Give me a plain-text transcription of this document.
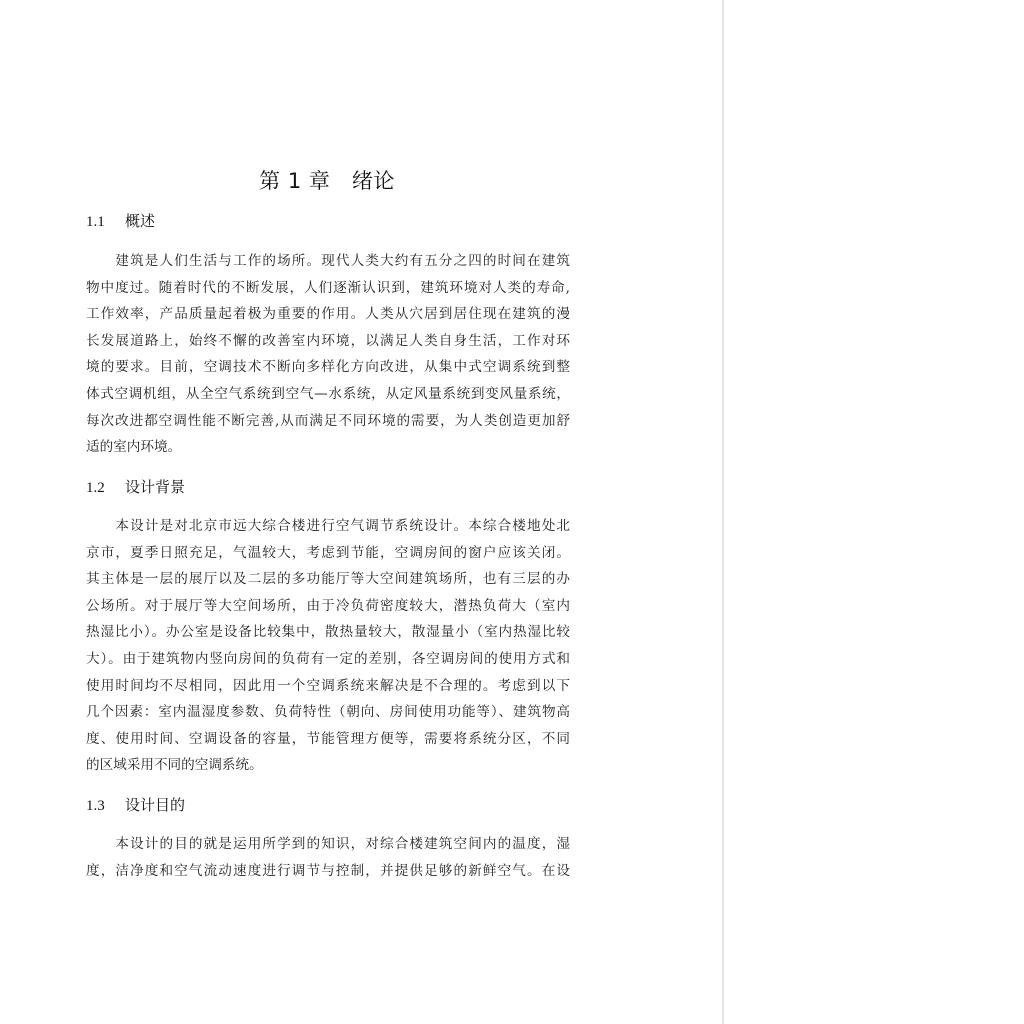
第 1 章　绪论
1.1 概述
　　建筑是人们生活与工作的场所。现代人类大约有五分之四的时间在建筑
物中度过。随着时代的不断发展，人们逐渐认识到，建筑环境对人类的寿命,
工作效率，产品质量起着极为重要的作用。人类从穴居到居住现在建筑的漫
长发展道路上，始终不懈的改善室内环境，以满足人类自身生活，工作对环
境的要求。目前，空调技术不断向多样化方向改进，从集中式空调系统到整
体式空调机组，从全空气系统到空气—水系统，从定风量系统到变风量系统，
每次改进都空调性能不断完善,从而满足不同环境的需要，为人类创造更加舒
适的室内环境。
1.2 设计背景
　　本设计是对北京市远大综合楼进行空气调节系统设计。本综合楼地处北
京市，夏季日照充足，气温较大，考虑到节能，空调房间的窗户应该关闭。
其主体是一层的展厅以及二层的多功能厅等大空间建筑场所，也有三层的办
公场所。对于展厅等大空间场所，由于冷负荷密度较大，潜热负荷大（室内
热湿比小）。办公室是设备比较集中，散热量较大，散湿量小（室内热湿比较
大）。由于建筑物内竖向房间的负荷有一定的差别，各空调房间的使用方式和
使用时间均不尽相同，因此用一个空调系统来解决是不合理的。考虑到以下
几个因素：室内温湿度参数、负荷特性（朝向、房间使用功能等）、建筑物高
度、使用时间、空调设备的容量，节能管理方便等，需要将系统分区，不同
的区域采用不同的空调系统。
1.3 设计目的
　　本设计的目的就是运用所学到的知识，对综合楼建筑空间内的温度，湿
度，洁净度和空气流动速度进行调节与控制，并提供足够的新鲜空气。在设
